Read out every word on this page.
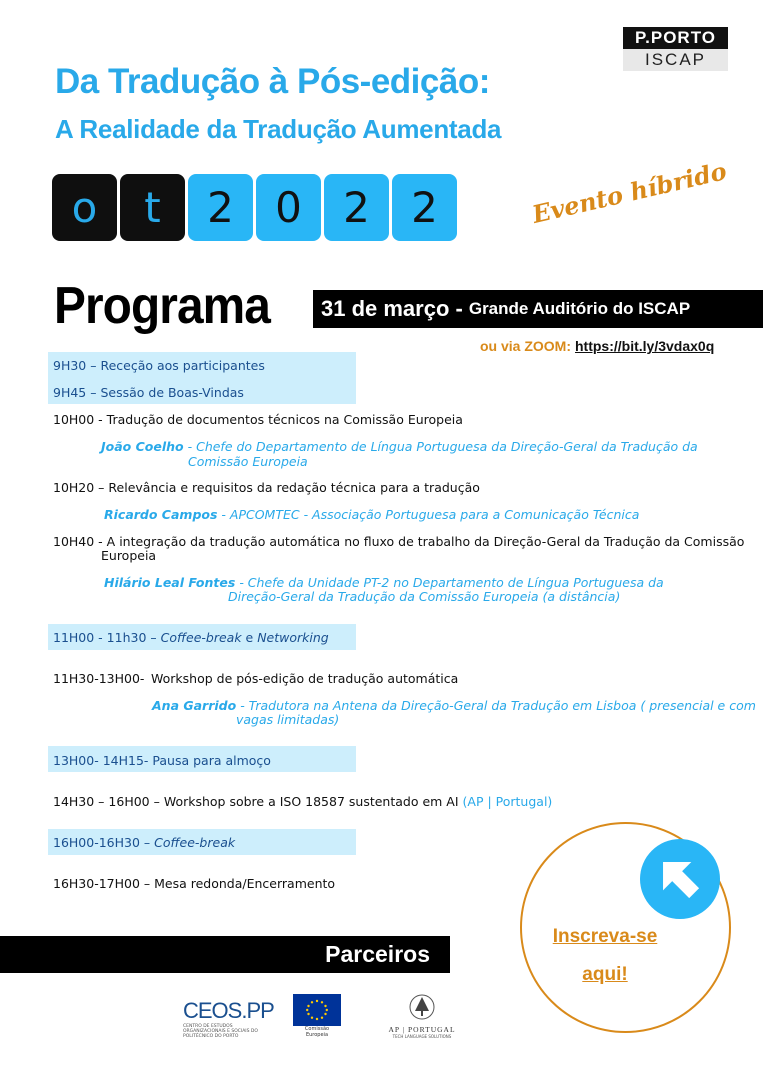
P.PORTO
ISCAP
Da Tradução à Pós-edição:
A Realidade da Tradução Aumentada
o	t	2 0 2 2	Evento híbrido
Programa 31 de março - Grande Auditório do ISCAP
ou via ZOOM: https://bit.ly/3vdax0q
9H30 – Receção aos participantes
9H45 – Sessão de Boas-Vindas
10H00 - Tradução de documentos técnicos na Comissão Europeia
João Coelho - Chefe do Departamento de Língua Portuguesa da Direção-Geral da Tradução da
Comissão Europeia
10H20 – Relevância e requisitos da redação técnica para a tradução
Ricardo Campos - APCOMTEC - Associação Portuguesa para a Comunicação Técnica
10H40 - A integração da tradução automática no fluxo de trabalho da Direção-Geral da Tradução da Comissão
Europeia
Hilário Leal Fontes - Chefe da Unidade PT-2 no Departamento de Língua Portuguesa da
Direção-Geral da Tradução da Comissão Europeia (a distância)
11H00 - 11h30 – Coffee-break e Networking
11H30-13H00- Workshop de pós-edição de tradução automática
Ana Garrido - Tradutora na Antena da Direção-Geral da Tradução em Lisboa ( presencial e com
vagas limitadas)
13H00- 14H15- Pausa para almoço
14H30 – 16H00 – Workshop sobre a ISO 18587 sustentado em AI (AP | Portugal)
16H00-16H30 – Coffee-break
16H30-17H00 – Mesa redonda/Encerramento
Inscreva-se
aqui!
Parceiros
CEOS.PP
CENTRO DE ESTUDOS ORGANIZACIONAIS E SOCIAIS DO POLITÉCNICO DO PORTO
Comissão
Europeia
AP | PORTUGAL
TECH LANGUAGE SOLUTIONS
